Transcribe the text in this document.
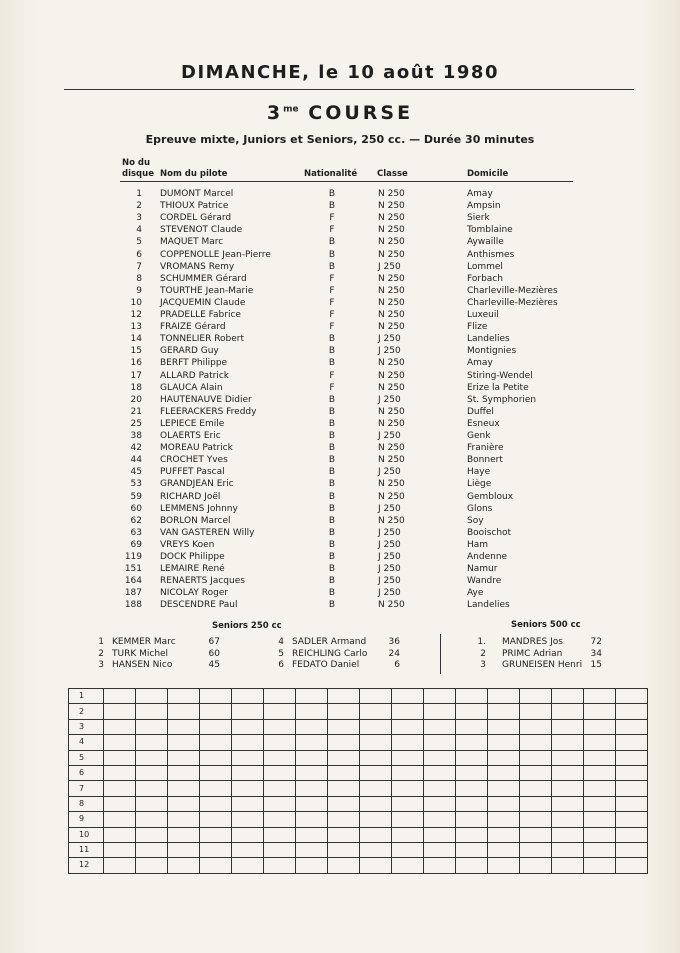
DIMANCHE, le 10 août 1980
$3^{me}$ COURSE
Epreuve mixte, Juniors et Seniors, 250 cc. — Durée 30 minutes
No du
disque Nom du pilote	Nationalité Classe	Domicile
1 DUMONT Marcel	B	N 250	Amay
2 THIOUX Patrice	B	N 250	Ampsin
3 CORDEL Gérard	F	N 250	Sierk
4 STEVENOT Claude	F	N 250	Tomblaine
5 MAQUET Marc	B	N 250	Aywaille
6 COPPENOLLE Jean-Pierre	B	N 250	Anthismes
7 VROMANS Remy	B	J 250	Lommel
8 SCHUMMER Gérard	F	N 250	Forbach
9 TOURTHE Jean-Marie	F	N 250	Charleville-Mezières
10 JACQUEMIN Claude	F	N 250	Charleville-Mezières
12 PRADELLE Fabrice	F	N 250	Luxeuil
13 FRAIZE Gérard	F	N 250	Flize
14 TONNELIER Robert	B	J 250	Landelies
15 GERARD Guy	B	J 250	Montignies
16 BERFT Philippe	B	N 250	Amay
17 ALLARD Patrick	F	N 250	Stiring-Wendel
18 GLAUCA Alain	F	N 250	Erize la Petite
20 HAUTENAUVE Didier	B	J 250	St. Symphorien
21 FLEERACKERS Freddy	B	N 250	Duffel
25 LEPIECE Emile	B	N 250	Esneux
38 OLAERTS Eric	B	J 250	Genk
42 MOREAU Patrick	B	N 250	Franière
44 CROCHET Yves	B	N 250	Bonnert
45 PUFFET Pascal	B	J 250	Haye
53 GRANDJEAN Eric	B	N 250	Liège
59 RICHARD Joël	B	N 250	Gembloux
60 LEMMENS Johnny	B	J 250	Glons
62 BORLON Marcel	B	N 250	Soy
63 VAN GASTEREN Willy	B	J 250	Booischot
69 VREYS Koen	B	J 250	Ham
119 DOCK Philippe	B	J 250	Andenne
151 LEMAIRE René	B	J 250	Namur
164 RENAERTS Jacques	B	J 250	Wandre
187 NICOLAY Roger	B	J 250	Aye
188 DESCENDRE Paul	B	N 250	Landelies
Seniors 250 cc	Seniors 500 cc
1 KEMMER Marc	67
2 TURK Michel	60
3 HANSEN Nico	45
4 SADLER Armand 36
5 REICHLING Carlo 24
6 FEDATO Daniel	6
1. MANDRES Jos	72
2 PRIMC Adrian	34
3 GRUNEISEN Henri 15
1																	
2																	
3																	
4																	
5																	
6																	
7																	
8																	
9																	
10																	
11																	
12																	
